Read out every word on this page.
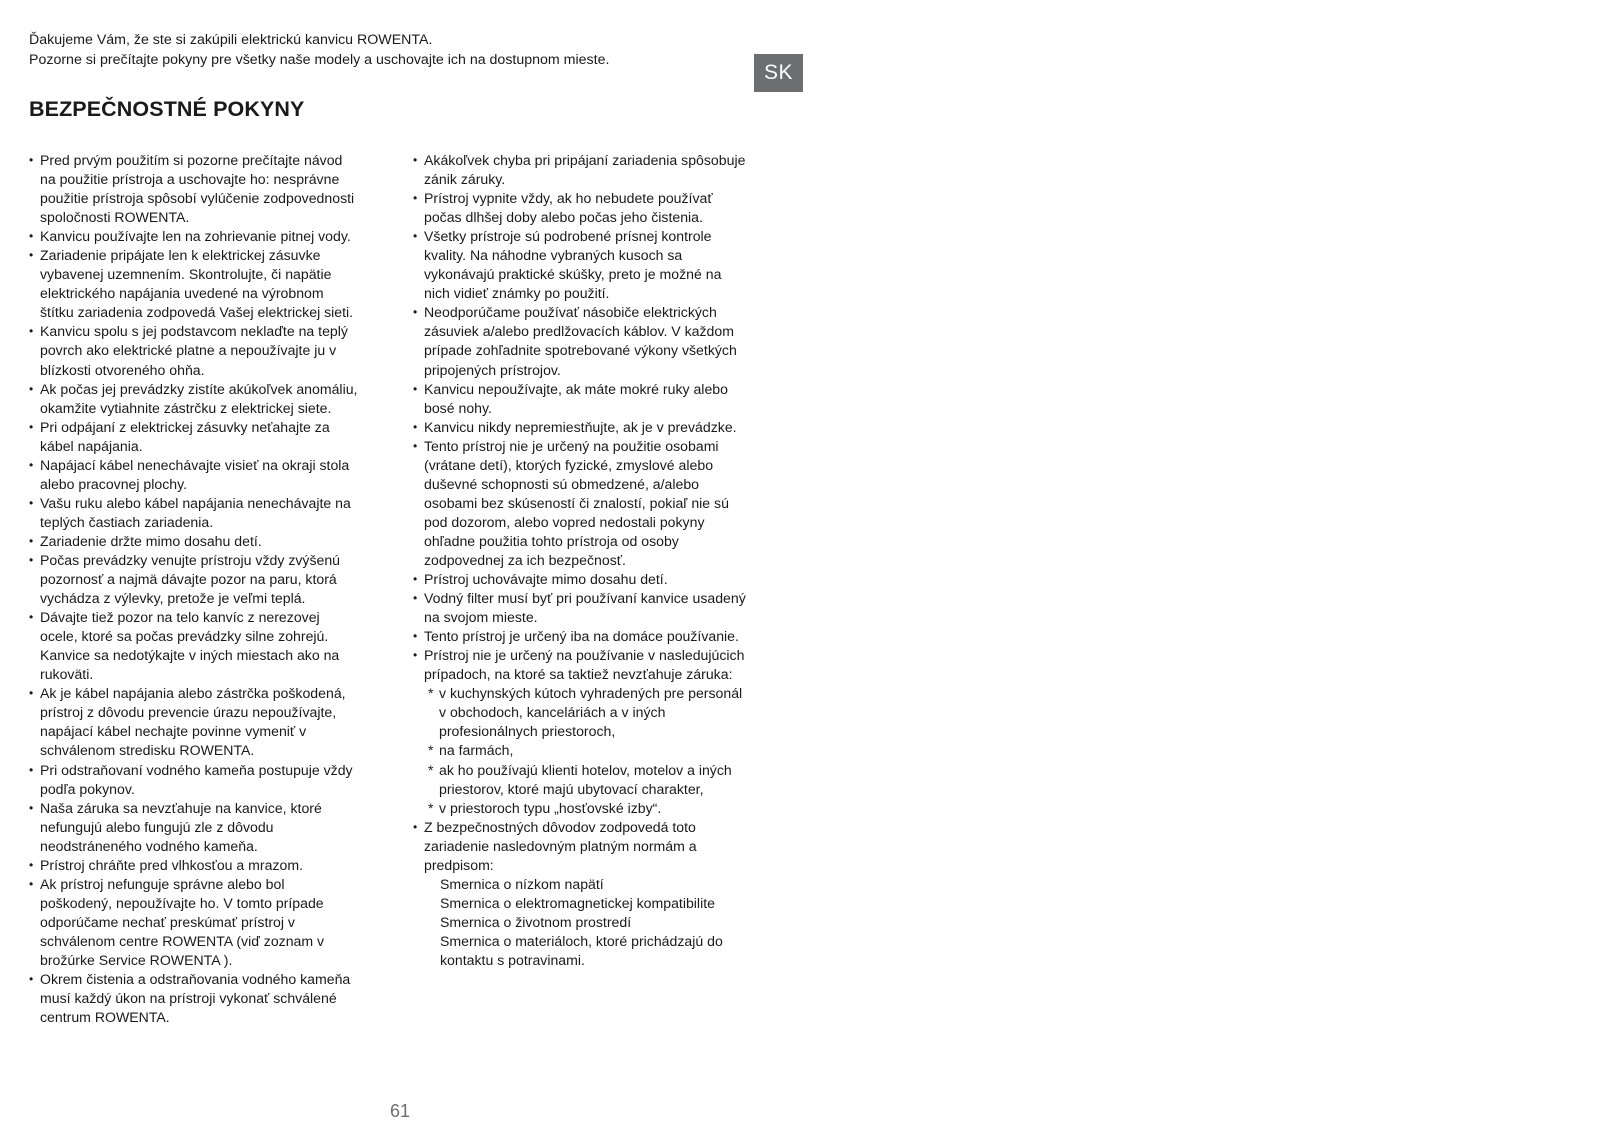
Ďakujeme Vám, že ste si zakúpili elektrickú kanvicu ROWENTA.
Pozorne si prečítajte pokyny pre všetky naše modely a uschovajte ich na dostupnom mieste.
SK
BEZPEČNOSTNÉ POKYNY
• Pred prvým použitím si pozorne prečítajte návod
na použitie prístroja a uschovajte ho: nesprávne
použitie prístroja spôsobí vylúčenie zodpovednosti
spoločnosti ROWENTA.
• Kanvicu používajte len na zohrievanie pitnej vody.
• Zariadenie pripájate len k elektrickej zásuvke
vybavenej uzemnením. Skontrolujte, či napätie
elektrického napájania uvedené na výrobnom
štítku zariadenia zodpovedá Vašej elektrickej sieti.
• Kanvicu spolu s jej podstavcom neklaďte na teplý
povrch ako elektrické platne a nepoužívajte ju v
blízkosti otvoreného ohňa.
• Ak počas jej prevádzky zistíte akúkoľvek anomáliu,
okamžite vytiahnite zástrčku z elektrickej siete.
• Pri odpájaní z elektrickej zásuvky neťahajte za
kábel napájania.
• Napájací kábel nenechávajte visieť na okraji stola
alebo pracovnej plochy.
• Vašu ruku alebo kábel napájania nenechávajte na
teplých častiach zariadenia.
• Zariadenie držte mimo dosahu detí.
• Počas prevádzky venujte prístroju vždy zvýšenú
pozornosť a najmä dávajte pozor na paru, ktorá
vychádza z výlevky, pretože je veľmi teplá.
• Dávajte tiež pozor na telo kanvíc z nerezovej
ocele, ktoré sa počas prevádzky silne zohrejú.
Kanvice sa nedotýkajte v iných miestach ako na
rukoväti.
• Ak je kábel napájania alebo zástrčka poškodená,
prístroj z dôvodu prevencie úrazu nepoužívajte,
napájací kábel nechajte povinne vymeniť v
schválenom stredisku ROWENTA.
• Pri odstraňovaní vodného kameňa postupuje vždy
podľa pokynov.
• Naša záruka sa nevzťahuje na kanvice, ktoré
nefungujú alebo fungujú zle z dôvodu
neodstráneného vodného kameňa.
• Prístroj chráňte pred vlhkosťou a mrazom.
• Ak prístroj nefunguje správne alebo bol
poškodený, nepoužívajte ho. V tomto prípade
odporúčame nechať preskúmať prístroj v
schválenom centre ROWENTA (viď zoznam v
brožúrke Service ROWENTA ).
• Okrem čistenia a odstraňovania vodného kameňa
musí každý úkon na prístroji vykonať schválené
centrum ROWENTA.
• Akákoľvek chyba pri pripájaní zariadenia spôsobuje
zánik záruky.
• Prístroj vypnite vždy, ak ho nebudete používať
počas dlhšej doby alebo počas jeho čistenia.
• Všetky prístroje sú podrobené prísnej kontrole
kvality. Na náhodne vybraných kusoch sa
vykonávajú praktické skúšky, preto je možné na
nich vidieť známky po použití.
• Neodporúčame používať násobiče elektrických
zásuviek a/alebo predlžovacích káblov. V každom
prípade zohľadnite spotrebované výkony všetkých
pripojených prístrojov.
• Kanvicu nepoužívajte, ak máte mokré ruky alebo
bosé nohy.
• Kanvicu nikdy nepremiestňujte, ak je v prevádzke.
• Tento prístroj nie je určený na použitie osobami
(vrátane detí), ktorých fyzické, zmyslové alebo
duševné schopnosti sú obmedzené, a/alebo
osobami bez skúseností či znalostí, pokiaľ nie sú
pod dozorom, alebo vopred nedostali pokyny
ohľadne použitia tohto prístroja od osoby
zodpovednej za ich bezpečnosť.
• Prístroj uchovávajte mimo dosahu detí.
• Vodný filter musí byť pri používaní kanvice usadený
na svojom mieste.
• Tento prístroj je určený iba na domáce používanie.
• Prístroj nie je určený na používanie v nasledujúcich
prípadoch, na ktoré sa taktiež nevzťahuje záruka:
* v kuchynských kútoch vyhradených pre personál
v obchodoch, kanceláriách a v iných
profesionálnych priestoroch,
* na farmách,
* ak ho používajú klienti hotelov, motelov a iných
priestorov, ktoré majú ubytovací charakter,
* v priestoroch typu „hosťovské izby“.
• Z bezpečnostných dôvodov zodpovedá toto
zariadenie nasledovným platným normám a
predpisom:
Smernica o nízkom napätí
Smernica o elektromagnetickej kompatibilite
Smernica o životnom prostredí
Smernica o materiáloch, ktoré prichádzajú do
kontaktu s potravinami.
61
